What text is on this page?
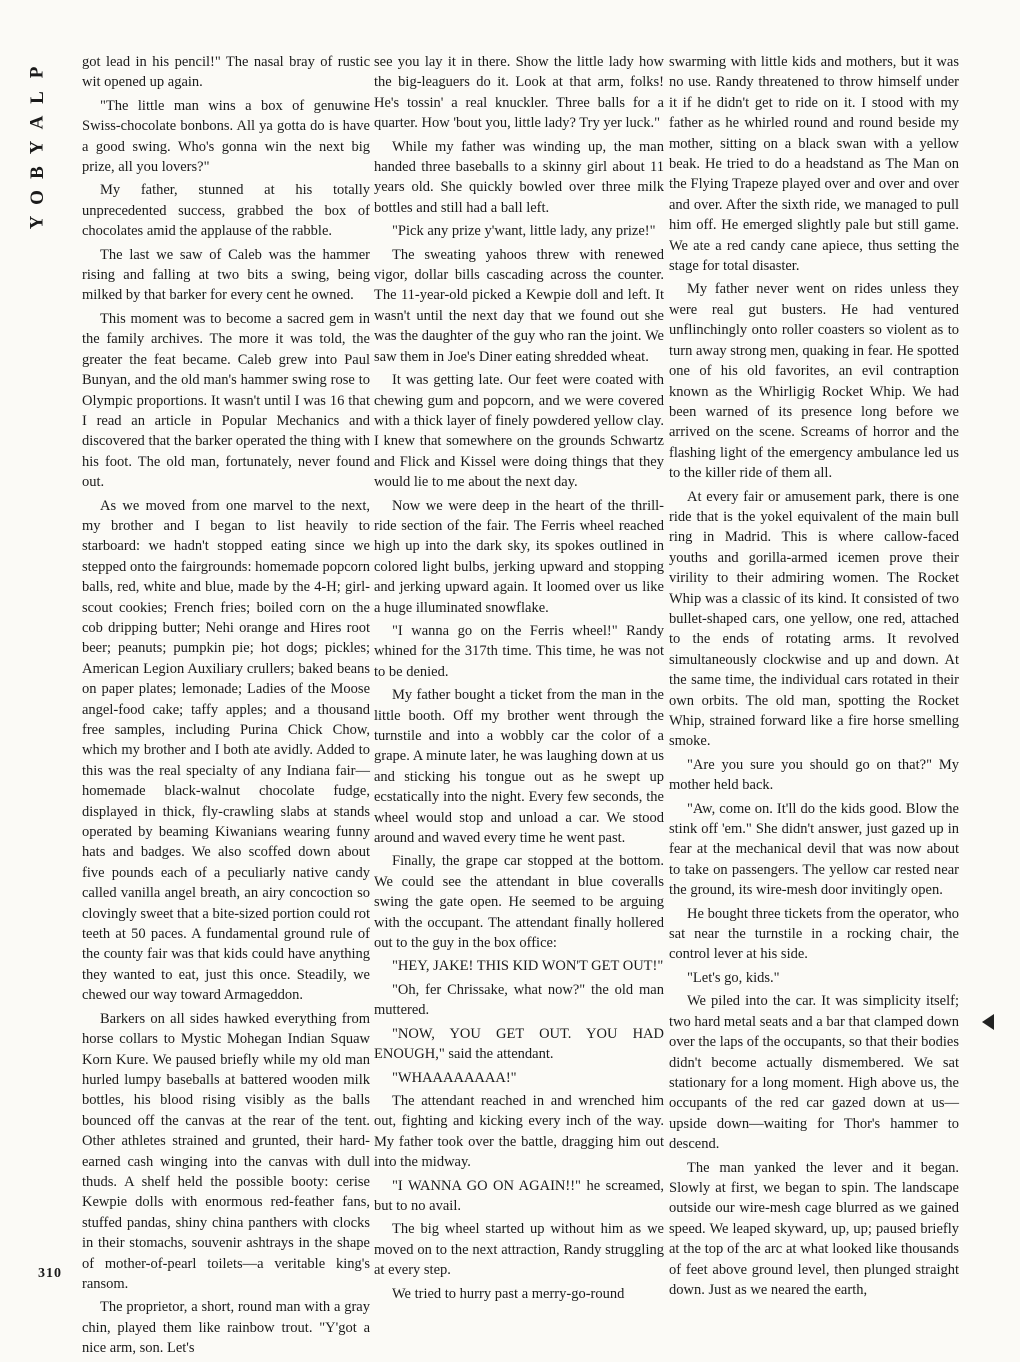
P
L
A
Y
B
O
Y
310

got lead in his pencil!" The nasal bray of rustic wit opened up again.

"The little man wins a box of genuwine Swiss-chocolate bonbons. All ya gotta do is have a good swing. Who's gonna win the next big prize, all you lovers?"

My father, stunned at his totally unprecedented success, grabbed the box of chocolates amid the applause of the rabble.

The last we saw of Caleb was the hammer rising and falling at two bits a swing, being milked by that barker for every cent he owned.

This moment was to become a sacred gem in the family archives. The more it was told, the greater the feat became. Caleb grew into Paul Bunyan, and the old man's hammer swing rose to Olympic proportions. It wasn't until I was 16 that I read an article in Popular Mechanics and discovered that the barker operated the thing with his foot. The old man, fortunately, never found out.

As we moved from one marvel to the next, my brother and I began to list heavily to starboard: we hadn't stopped eating since we stepped onto the fairgrounds: homemade popcorn balls, red, white and blue, made by the 4-H; girl-scout cookies; French fries; boiled corn on the cob dripping butter; Nehi orange and Hires root beer; peanuts; pumpkin pie; hot dogs; pickles; American Legion Auxiliary crullers; baked beans on paper plates; lemonade; Ladies of the Moose angel-food cake; taffy apples; and a thousand free samples, including Purina Chick Chow, which my brother and I both ate avidly. Added to this was the real specialty of any Indiana fair—homemade black-walnut chocolate fudge, displayed in thick, fly-crawling slabs at stands operated by beaming Kiwanians wearing funny hats and badges. We also scoffed down about five pounds each of a peculiarly native candy called vanilla angel breath, an airy concoction so clovingly sweet that a bite-sized portion could rot teeth at 50 paces. A fundamental ground rule of the county fair was that kids could have anything they wanted to eat, just this once. Steadily, we chewed our way toward Armageddon.

Barkers on all sides hawked everything from horse collars to Mystic Mohegan Indian Squaw Korn Kure. We paused briefly while my old man hurled lumpy baseballs at battered wooden milk bottles, his blood rising visibly as the balls bounced off the canvas at the rear of the tent. Other athletes strained and grunted, their hard-earned cash winging into the canvas with dull thuds. A shelf held the possible booty: cerise Kewpie dolls with enormous red-feather fans, stuffed pandas, shiny china panthers with clocks in their stomachs, souvenir ashtrays in the shape of mother-of-pearl toilets—a veritable king's ransom.

The proprietor, a short, round man with a gray chin, played them like rainbow trout. "Y'got a nice arm, son. Let's

see you lay it in there. Show the little lady how the big-leaguers do it. Look at that arm, folks! He's tossin' a real knuckler. Three balls for a quarter. How 'bout you, little lady? Try yer luck."

While my father was winding up, the man handed three baseballs to a skinny girl about 11 years old. She quickly bowled over three milk bottles and still had a ball left.

"Pick any prize y'want, little lady, any prize!"

The sweating yahoos threw with renewed vigor, dollar bills cascading across the counter. The 11-year-old picked a Kewpie doll and left. It wasn't until the next day that we found out she was the daughter of the guy who ran the joint. We saw them in Joe's Diner eating shredded wheat.

It was getting late. Our feet were coated with chewing gum and popcorn, and we were covered with a thick layer of finely powdered yellow clay. I knew that somewhere on the grounds Schwartz and Flick and Kissel were doing things that they would lie to me about the next day.

Now we were deep in the heart of the thrill-ride section of the fair. The Ferris wheel reached high up into the dark sky, its spokes outlined in colored light bulbs, jerking upward and stopping and jerking upward again. It loomed over us like a huge illuminated snowflake.

"I wanna go on the Ferris wheel!" Randy whined for the 317th time. This time, he was not to be denied.

My father bought a ticket from the man in the little booth. Off my brother went through the turnstile and into a wobbly car the color of a grape. A minute later, he was laughing down at us and sticking his tongue out as he swept up ecstatically into the night. Every few seconds, the wheel would stop and unload a car. We stood around and waved every time he went past.

Finally, the grape car stopped at the bottom. We could see the attendant in blue coveralls swing the gate open. He seemed to be arguing with the occupant. The attendant finally hollered out to the guy in the box office:

"HEY, JAKE! THIS KID WON'T GET OUT!"

"Oh, fer Chrissake, what now?" the old man muttered.

"NOW, YOU GET OUT. YOU HAD ENOUGH," said the attendant.

"WHAAAAAAAA!"

The attendant reached in and wrenched him out, fighting and kicking every inch of the way. My father took over the battle, dragging him out into the midway.

"I WANNA GO ON AGAIN!!" he screamed, but to no avail.

The big wheel started up without him as we moved on to the next attraction, Randy struggling at every step.

We tried to hurry past a merry-go-round

swarming with little kids and mothers, but it was no use. Randy threatened to throw himself under it if he didn't get to ride on it. I stood with my father as he whirled round and round beside my mother, sitting on a black swan with a yellow beak. He tried to do a headstand as The Man on the Flying Trapeze played over and over and over and over. After the sixth ride, we managed to pull him off. He emerged slightly pale but still game. We ate a red candy cane apiece, thus setting the stage for total disaster.

My father never went on rides unless they were real gut busters. He had ventured unflinchingly onto roller coasters so violent as to turn away strong men, quaking in fear. He spotted one of his old favorites, an evil contraption known as the Whirligig Rocket Whip. We had been warned of its presence long before we arrived on the scene. Screams of horror and the flashing light of the emergency ambulance led us to the killer ride of them all.

At every fair or amusement park, there is one ride that is the yokel equivalent of the main bull ring in Madrid. This is where callow-faced youths and gorilla-armed icemen prove their virility to their admiring women. The Rocket Whip was a classic of its kind. It consisted of two bullet-shaped cars, one yellow, one red, attached to the ends of rotating arms. It revolved simultaneously clockwise and up and down. At the same time, the individual cars rotated in their own orbits. The old man, spotting the Rocket Whip, strained forward like a fire horse smelling smoke.

"Are you sure you should go on that?" My mother held back.

"Aw, come on. It'll do the kids good. Blow the stink off 'em." She didn't answer, just gazed up in fear at the mechanical devil that was now about to take on passengers. The yellow car rested near the ground, its wire-mesh door invitingly open.

He bought three tickets from the operator, who sat near the turnstile in a rocking chair, the control lever at his side.

"Let's go, kids."

We piled into the car. It was simplicity itself; two hard metal seats and a bar that clamped down over the laps of the occupants, so that their bodies didn't become actually dismembered. We sat stationary for a long moment. High above us, the occupants of the red car gazed down at us—upside down—waiting for Thor's hammer to descend.

The man yanked the lever and it began. Slowly at first, we began to spin. The landscape outside our wire-mesh cage blurred as we gained speed. We leaped skyward, up, up; paused briefly at the top of the arc at what looked like thousands of feet above ground level, then plunged straight down. Just as we neared the earth,
